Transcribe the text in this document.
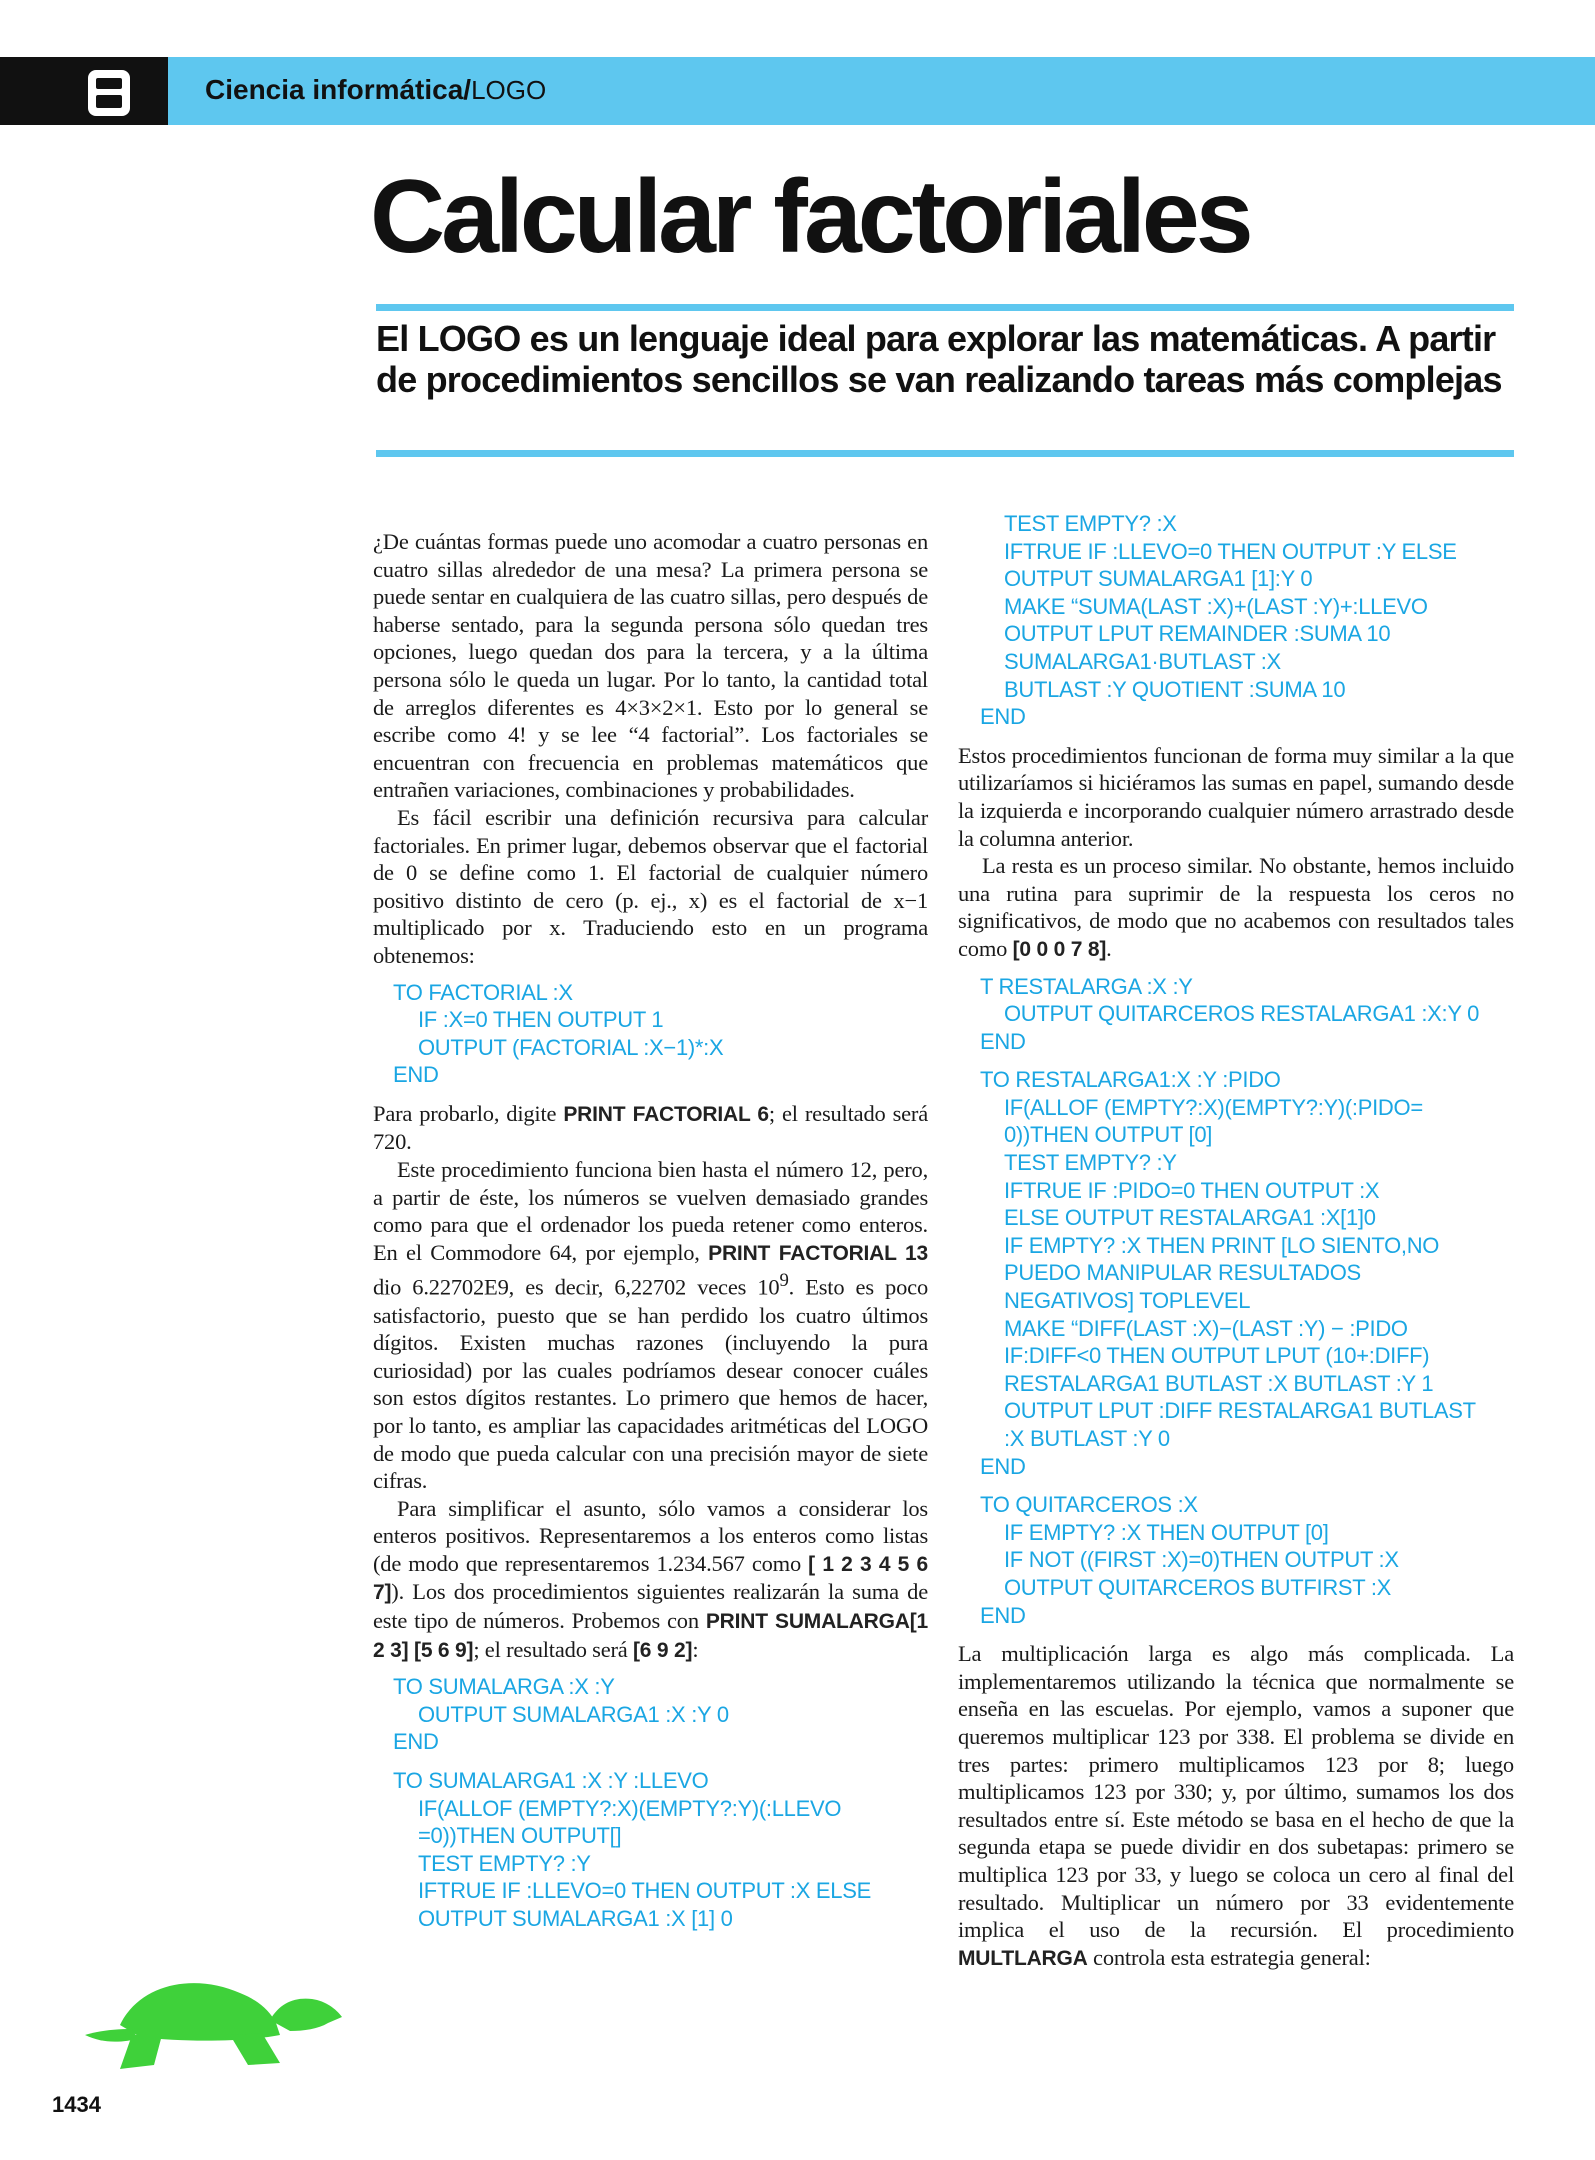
Ciencia informática/LOGO
Calcular factoriales

El LOGO es un lenguaje ideal para explorar las matemáticas. A partir de procedimientos sencillos se van realizando tareas más complejas

¿De cuántas formas puede uno acomodar a cuatro personas en cuatro sillas alrededor de una mesa? La primera persona se puede sentar en cualquiera de las cuatro sillas, pero después de haberse sentado, para la segunda persona sólo quedan tres opciones, luego quedan dos para la tercera, y a la última persona sólo le queda un lugar. Por lo tanto, la cantidad total de arreglos diferentes es 4×3×2×1. Esto por lo general se escribe como 4! y se lee “4 factorial”. Los factoriales se encuentran con frecuencia en problemas matemáticos que entrañen variaciones, combinaciones y probabilidades.

Es fácil escribir una definición recursiva para calcular factoriales. En primer lugar, debemos observar que el factorial de 0 se define como 1. El factorial de cualquier número positivo distinto de cero (p. ej., x) es el factorial de x−1 multiplicado por x. Traduciendo esto en un programa obtenemos:

TO FACTORIAL :X
IF :X=0 THEN OUTPUT 1
OUTPUT (FACTORIAL :X−1)*:X
END

Para probarlo, digite PRINT FACTORIAL 6; el resultado será 720.

Este procedimiento funciona bien hasta el número 12, pero, a partir de éste, los números se vuelven demasiado grandes como para que el ordenador los pueda retener como enteros. En el Commodore 64, por ejemplo, PRINT FACTORIAL 13 dio 6.22702E9, es decir, 6,22702 veces $10^9$. Esto es poco satisfactorio, puesto que se han perdido los cuatro últimos dígitos. Existen muchas razones (incluyendo la pura curiosidad) por las cuales podríamos desear conocer cuáles son estos dígitos restantes. Lo primero que hemos de hacer, por lo tanto, es ampliar las capacidades aritméticas del LOGO de modo que pueda calcular con una precisión mayor de siete cifras.

Para simplificar el asunto, sólo vamos a considerar los enteros positivos. Representaremos a los enteros como listas (de modo que representaremos 1.234.567 como [ 1 2 3 4 5 6 7]). Los dos procedimientos siguientes realizarán la suma de este tipo de números. Probemos con PRINT SUMALARGA[1 2 3] [5 6 9]; el resultado será [6 9 2]:

TO SUMALARGA :X :Y
OUTPUT SUMALARGA1 :X :Y 0
END
TO SUMALARGA1 :X :Y :LLEVO
IF(ALLOF (EMPTY?:X)(EMPTY?:Y)(:LLEVO
=0))THEN OUTPUT[]
TEST EMPTY? :Y
IFTRUE IF :LLEVO=0 THEN OUTPUT :X ELSE
OUTPUT SUMALARGA1 :X [1] 0
TEST EMPTY? :X
IFTRUE IF :LLEVO=0 THEN OUTPUT :Y ELSE
OUTPUT SUMALARGA1 [1]:Y 0
MAKE “SUMA(LAST :X)+(LAST :Y)+:LLEVO
OUTPUT LPUT REMAINDER :SUMA 10
SUMALARGA1·BUTLAST :X
BUTLAST :Y QUOTIENT :SUMA 10
END

Estos procedimientos funcionan de forma muy similar a la que utilizaríamos si hiciéramos las sumas en papel, sumando desde la izquierda e incorporando cualquier número arrastrado desde la columna anterior.

La resta es un proceso similar. No obstante, hemos incluido una rutina para suprimir de la respuesta los ceros no significativos, de modo que no acabemos con resultados tales como [0 0 0 7 8].

T RESTALARGA :X :Y
OUTPUT QUITARCEROS RESTALARGA1 :X:Y 0
END
TO RESTALARGA1:X :Y :PIDO
IF(ALLOF (EMPTY?:X)(EMPTY?:Y)(:PIDO=
0))THEN OUTPUT [0]
TEST EMPTY? :Y
IFTRUE IF :PIDO=0 THEN OUTPUT :X
ELSE OUTPUT RESTALARGA1 :X[1]0
IF EMPTY? :X THEN PRINT [LO SIENTO,NO
PUEDO MANIPULAR RESULTADOS
NEGATIVOS] TOPLEVEL
MAKE “DIFF(LAST :X)−(LAST :Y) − :PIDO
IF:DIFF<0 THEN OUTPUT LPUT (10+:DIFF)
RESTALARGA1 BUTLAST :X BUTLAST :Y 1
OUTPUT LPUT :DIFF RESTALARGA1 BUTLAST
:X BUTLAST :Y 0
END
TO QUITARCEROS :X
IF EMPTY? :X THEN OUTPUT [0]
IF NOT ((FIRST :X)=0)THEN OUTPUT :X
OUTPUT QUITARCEROS BUTFIRST :X
END

La multiplicación larga es algo más complicada. La implementaremos utilizando la técnica que normalmente se enseña en las escuelas. Por ejemplo, vamos a suponer que queremos multiplicar 123 por 338. El problema se divide en tres partes: primero multiplicamos 123 por 8; luego multiplicamos 123 por 330; y, por último, sumamos los dos resultados entre sí. Este método se basa en el hecho de que la segunda etapa se puede dividir en dos subetapas: primero se multiplica 123 por 33, y luego se coloca un cero al final del resultado. Multiplicar un número por 33 evidentemente implica el uso de la recursión. El procedimiento MULTLARGA controla esta estrategia general:

1434
